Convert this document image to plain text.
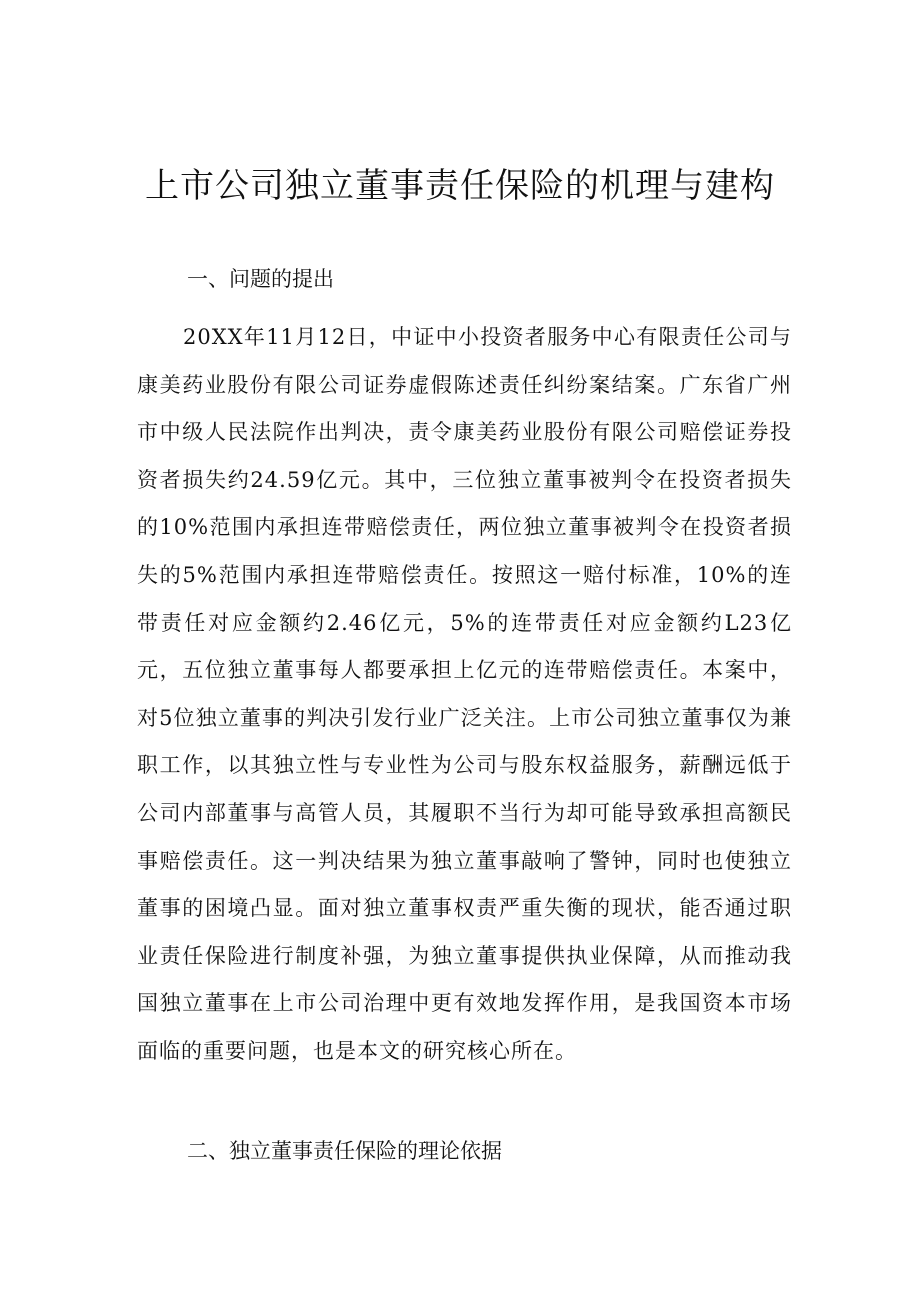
上市公司独立董事责任保险的机理与建构

一、问题的提出

20XX年11月12日，中证中小投资者服务中心有限责任公司与康美药业股份有限公司证券虚假陈述责任纠纷案结案。广东省广州市中级人民法院作出判决，责令康美药业股份有限公司赔偿证券投资者损失约24.59亿元。其中，三位独立董事被判令在投资者损失的10%范围内承担连带赔偿责任，两位独立董事被判令在投资者损失的5%范围内承担连带赔偿责任。按照这一赔付标准，10%的连带责任对应金额约2.46亿元，5%的连带责任对应金额约L23亿元，五位独立董事每人都要承担上亿元的连带赔偿责任。本案中，对5位独立董事的判决引发行业广泛关注。上市公司独立董事仅为兼职工作，以其独立性与专业性为公司与股东权益服务，薪酬远低于公司内部董事与高管人员，其履职不当行为却可能导致承担高额民事赔偿责任。这一判决结果为独立董事敲响了警钟，同时也使独立董事的困境凸显。面对独立董事权责严重失衡的现状，能否通过职业责任保险进行制度补强，为独立董事提供执业保障，从而推动我国独立董事在上市公司治理中更有效地发挥作用，是我国资本市场面临的重要问题，也是本文的研究核心所在。

二、独立董事责任保险的理论依据
